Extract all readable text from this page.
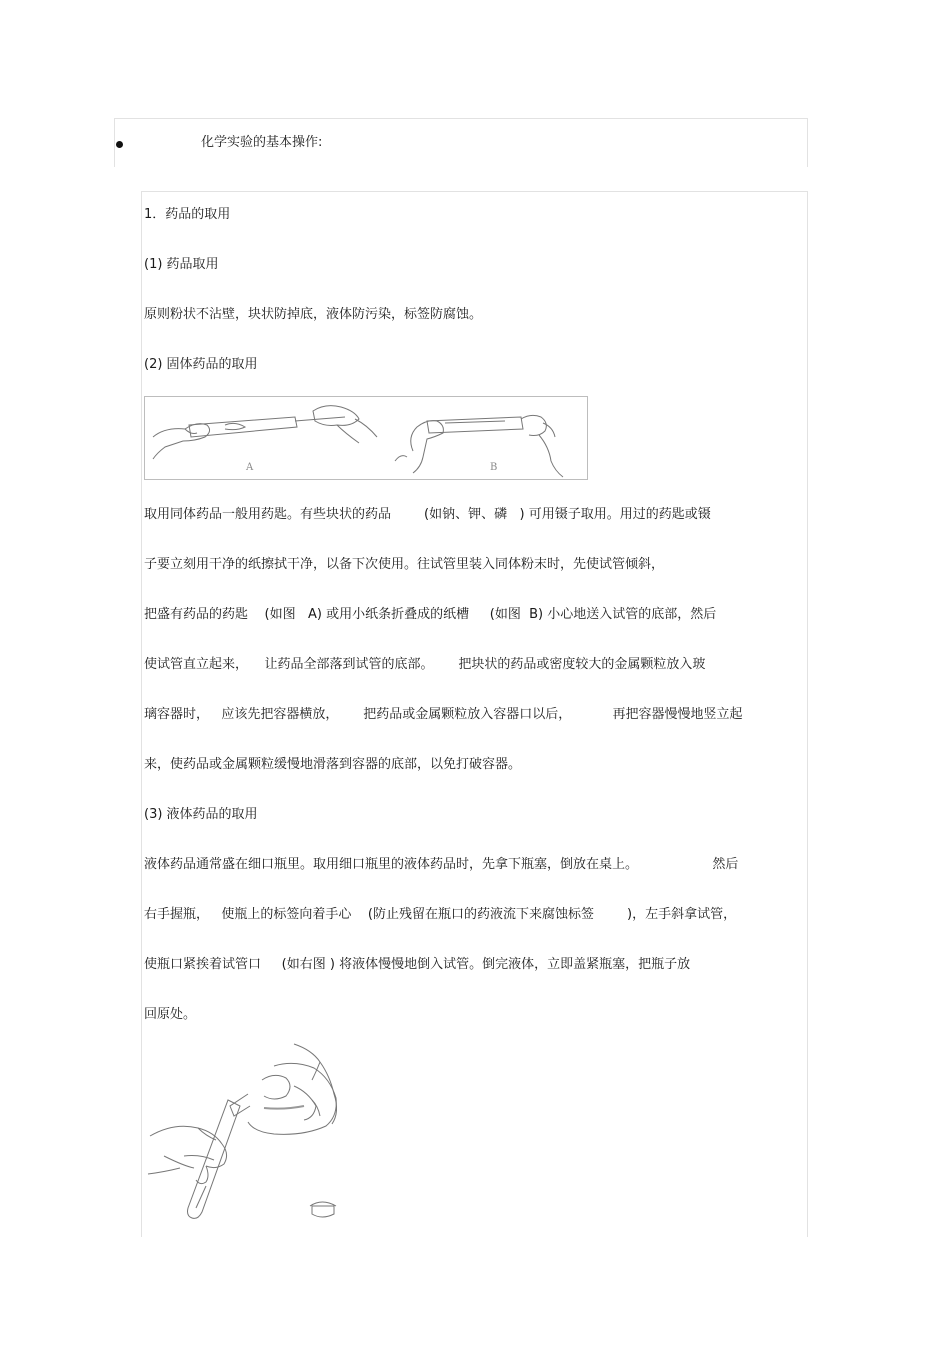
化学实验的基本操作:
1．药品的取用
(1) 药品取用
原则粉状不沾壁，块状防掉底，液体防污染，标签防腐蚀。
(2) 固体药品的取用
A	B
取用同体药品一般用药匙。有些块状的药品        (如钠、钾、磷   ) 可用镊子取用。用过的药匙或镊
子要立刻用干净的纸擦拭干净，以备下次使用。往试管里装入同体粉末时，先使试管倾斜，
把盛有药品的药匙    (如图   A) 或用小纸条折叠成的纸槽     (如图  B) 小心地送入试管的底部，然后
使试管直立起来，    让药品全部落到试管的底部。      把块状的药品或密度较大的金属颗粒放入玻
璃容器时，   应该先把容器横放，      把药品或金属颗粒放入容器口以后，          再把容器慢慢地竖立起
来，使药品或金属颗粒缓慢地滑落到容器的底部，以免打破容器。
(3) 液体药品的取用
液体药品通常盛在细口瓶里。取用细口瓶里的液体药品时，先拿下瓶塞，倒放在桌上。                  然后
右手握瓶，   使瓶上的标签向着手心    (防止残留在瓶口的药液流下来腐蚀标签        )，左手斜拿试管，
使瓶口紧挨着试管口     (如右图 ) 将液体慢慢地倒入试管。倒完液体，立即盖紧瓶塞，把瓶子放
回原处。
